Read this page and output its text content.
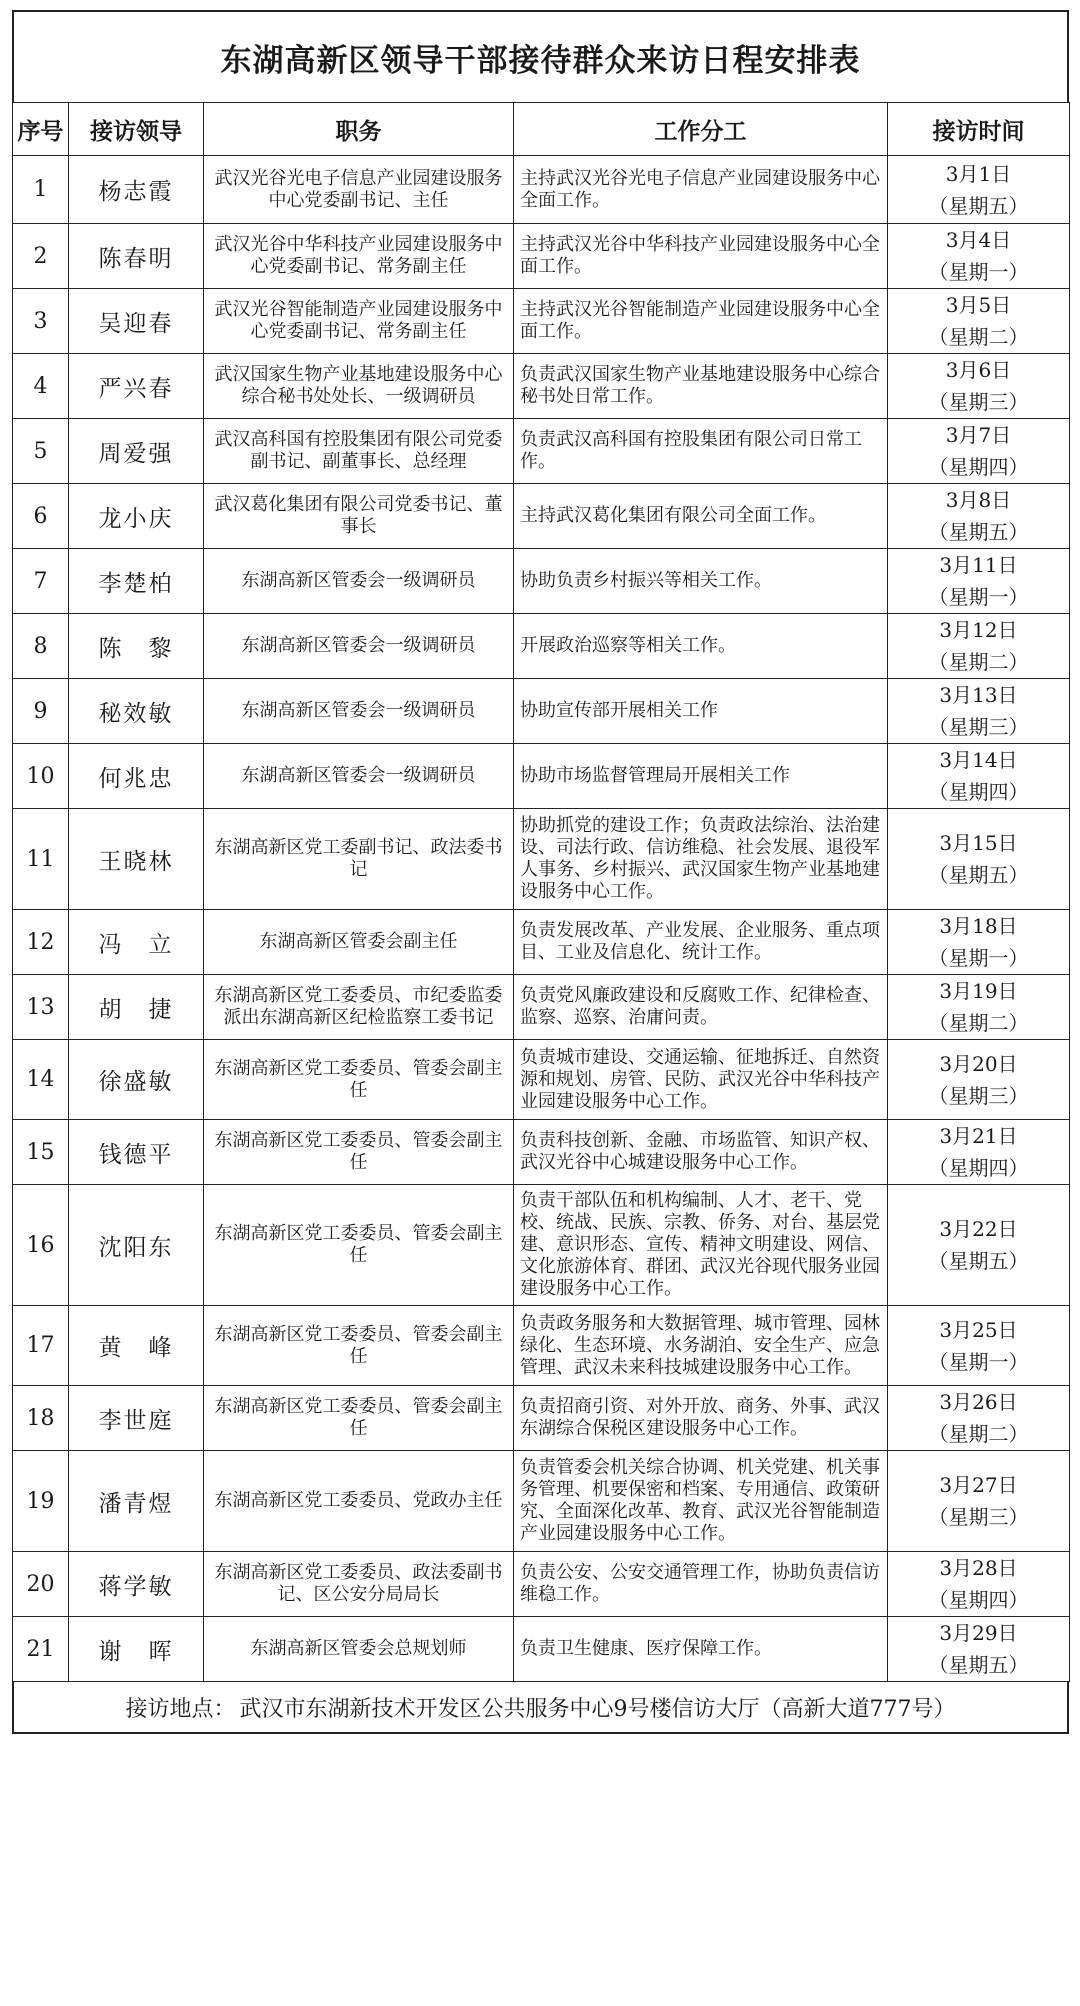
东湖高新区领导干部接待群众来访日程安排表
序号	接访领导	职务	工作分工	接访时间
1	杨志霞	武汉光谷光电子信息产业园建设服务中心党委副书记、主任	主持武汉光谷光电子信息产业园建设服务中心全面工作。	3月1日
（星期五）

2	陈春明	武汉光谷中华科技产业园建设服务中心党委副书记、常务副主任	主持武汉光谷中华科技产业园建设服务中心全面工作。	3月4日
（星期一）

3	吴迎春	武汉光谷智能制造产业园建设服务中心党委副书记、常务副主任	主持武汉光谷智能制造产业园建设服务中心全面工作。	3月5日
（星期二）

4	严兴春	武汉国家生物产业基地建设服务中心综合秘书处处长、一级调研员	负责武汉国家生物产业基地建设服务中心综合秘书处日常工作。	3月6日
（星期三）

5	周爱强	武汉高科国有控股集团有限公司党委副书记、副董事长、总经理	负责武汉高科国有控股集团有限公司日常工作。	3月7日
（星期四）

6	龙小庆	武汉葛化集团有限公司党委书记、董事长	主持武汉葛化集团有限公司全面工作。	3月8日
（星期五）

7	李楚柏	东湖高新区管委会一级调研员	协助负责乡村振兴等相关工作。	3月11日
（星期一）

8	陈　黎	东湖高新区管委会一级调研员	开展政治巡察等相关工作。	3月12日
（星期二）

9	秘效敏	东湖高新区管委会一级调研员	协助宣传部开展相关工作	3月13日
（星期三）

10	何兆忠	东湖高新区管委会一级调研员	协助市场监督管理局开展相关工作	3月14日
（星期四）

11	王晓林	东湖高新区党工委副书记、政法委书记	协助抓党的建设工作；负责政法综治、法治建设、司法行政、信访维稳、社会发展、退役军人事务、乡村振兴、武汉国家生物产业基地建设服务中心工作。	3月15日
（星期五）

12	冯　立	东湖高新区管委会副主任	负责发展改革、产业发展、企业服务、重点项目、工业及信息化、统计工作。	3月18日
（星期一）

13	胡　捷	东湖高新区党工委委员、市纪委监委派出东湖高新区纪检监察工委书记	负责党风廉政建设和反腐败工作、纪律检查、监察、巡察、治庸问责。	3月19日
（星期二）

14	徐盛敏	东湖高新区党工委委员、管委会副主任	负责城市建设、交通运输、征地拆迁、自然资源和规划、房管、民防、武汉光谷中华科技产业园建设服务中心工作。	3月20日
（星期三）

15	钱德平	东湖高新区党工委委员、管委会副主任	负责科技创新、金融、市场监管、知识产权、武汉光谷中心城建设服务中心工作。	3月21日
（星期四）

16	沈阳东	东湖高新区党工委委员、管委会副主任	负责干部队伍和机构编制、人才、老干、党校、统战、民族、宗教、侨务、对台、基层党建、意识形态、宣传、精神文明建设、网信、文化旅游体育、群团、武汉光谷现代服务业园建设服务中心工作。	3月22日
（星期五）

17	黄　峰	东湖高新区党工委委员、管委会副主任	负责政务服务和大数据管理、城市管理、园林绿化、生态环境、水务湖泊、安全生产、应急管理、武汉未来科技城建设服务中心工作。	3月25日
（星期一）

18	李世庭	东湖高新区党工委委员、管委会副主任	负责招商引资、对外开放、商务、外事、武汉东湖综合保税区建设服务中心工作。	3月26日
（星期二）

19	潘青煜	东湖高新区党工委委员、党政办主任	负责管委会机关综合协调、机关党建、机关事务管理、机要保密和档案、专用通信、政策研究、全面深化改革、教育、武汉光谷智能制造产业园建设服务中心工作。	3月27日
（星期三）

20	蒋学敏	东湖高新区党工委委员、政法委副书记、区公安分局局长	负责公安、公安交通管理工作，协助负责信访维稳工作。	3月28日
（星期四）

21	谢　晖	东湖高新区管委会总规划师	负责卫生健康、医疗保障工作。	3月29日
（星期五）
接访地点： 武汉市东湖新技术开发区公共服务中心9号楼信访大厅（高新大道777号）
